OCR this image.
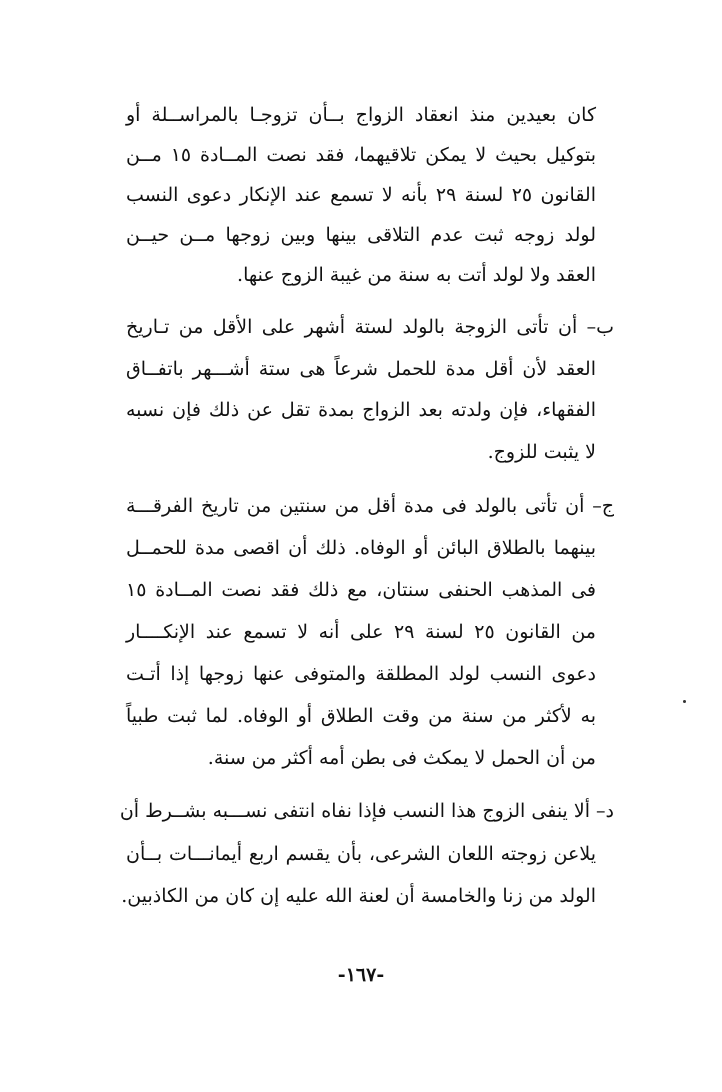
كان بعيدين منذ انعقاد الزواج بــأن تزوجـا بالمراســلة أو
بتوكيل بحيث لا يمكن تلاقيهما، فقد نصت المــادة ١٥ مــن
القانون ٢٥ لسنة ٢٩ بأنه لا تسمع عند الإنكار دعوى النسب
لولد زوجه ثبت عدم التلاقى بينها وبين زوجها مــن حيــن
العقد ولا لولد أتت به سنة من غيبة الزوج عنها.
ب– أن تأتى الزوجة بالولد لستة أشهر على الأقل من تـاريخ
العقد لأن أقل مدة للحمل شرعاً هى ستة أشـــهر باتفــاق
الفقهاء، فإن ولدته بعد الزواج بمدة تقل عن ذلك فإن نسبه
لا يثبت للزوج.
ج– أن تأتى بالولد فى مدة أقل من سنتين من تاريخ الفرقـــة
بينهما بالطلاق البائن أو الوفاه. ذلك أن اقصى مدة للحمــل
فى المذهب الحنفى سنتان، مع ذلك فقد نصت المــادة ١٥
من القانون ٢٥ لسنة ٢٩ على أنه لا تسمع عند الإنكــــار
دعوى النسب لولد المطلقة والمتوفى عنها زوجها إذا أتـت
به لأكثر من سنة من وقت الطلاق أو الوفاه. لما ثبت طبياً
من أن الحمل لا يمكث فى بطن أمه أكثر من سنة.
د– ألا ينفى الزوج هذا النسب فإذا نفاه انتفى نســـبه بشــرط أن
يلاعن زوجته اللعان الشرعى، بأن يقسم اربع أيمانـــات بــأن
الولد من زنا والخامسة أن لعنة الله عليه إن كان من الكاذبين.
-١٦٧-
